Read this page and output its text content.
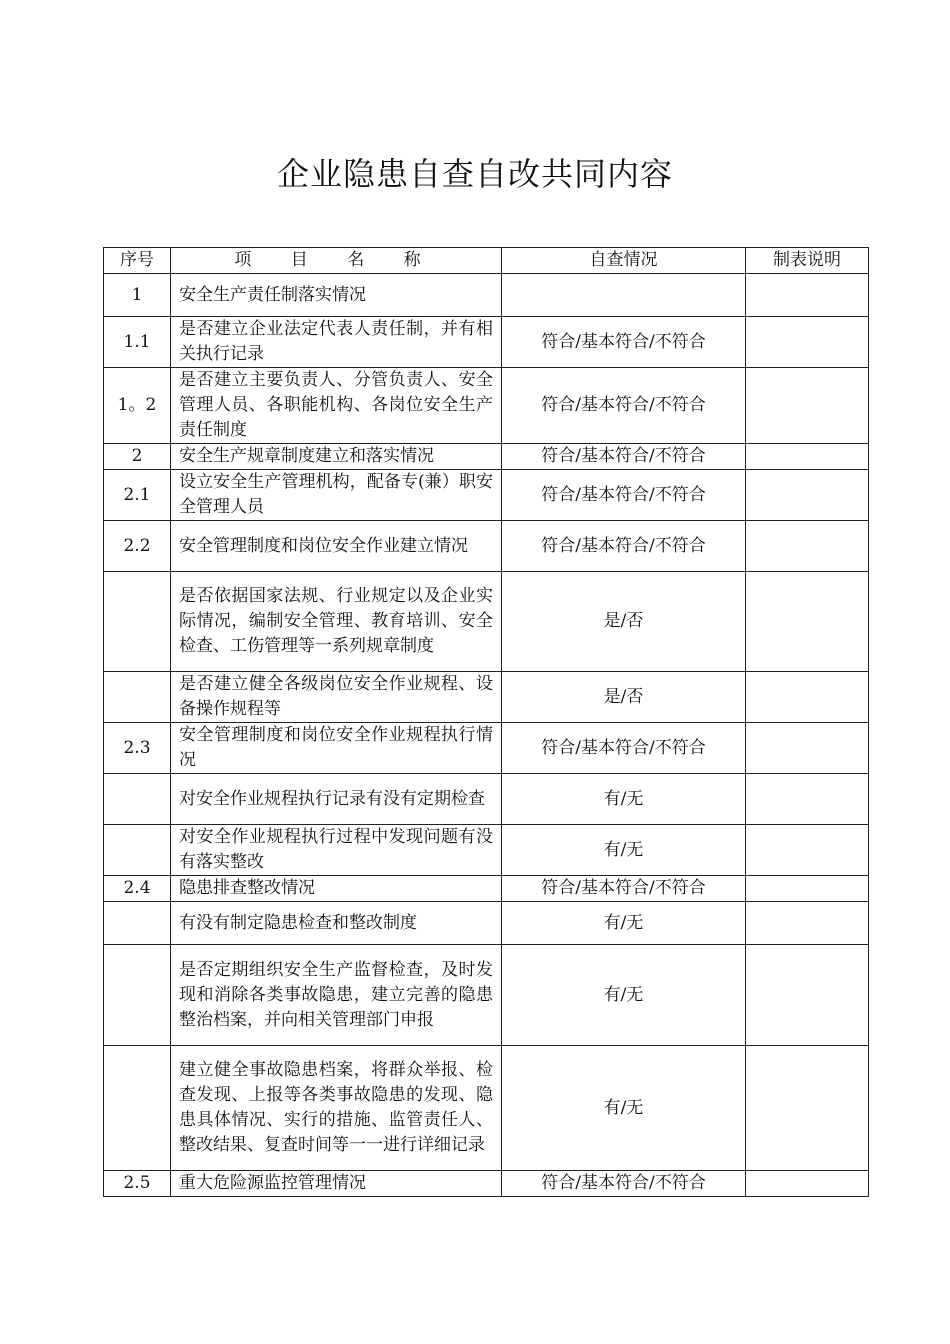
企业隐患自查自改共同内容
序号	项 目 名 称	自查情况	制表说明
1	安全生产责任制落实情况		
1.1	是否建立企业法定代表人责任制，并有相关执行记录	符合/基本符合/不符合	
1。2	是否建立主要负责人、分管负责人、安全管理人员、各职能机构、各岗位安全生产责任制度	符合/基本符合/不符合	
2	安全生产规章制度建立和落实情况	符合/基本符合/不符合	
2.1	设立安全生产管理机构，配备专(兼）职安全管理人员	符合/基本符合/不符合	
2.2	安全管理制度和岗位安全作业建立情况	符合/基本符合/不符合	
	是否依据国家法规、行业规定以及企业实际情况，编制安全管理、教育培训、安全检查、工伤管理等一系列规章制度	是/否	
	是否建立健全各级岗位安全作业规程、设备操作规程等	是/否	
2.3	安全管理制度和岗位安全作业规程执行情况	符合/基本符合/不符合	
	对安全作业规程执行记录有没有定期检查	有/无	
	对安全作业规程执行过程中发现问题有没有落实整改	有/无	
2.4	隐患排查整改情况	符合/基本符合/不符合	
	有没有制定隐患检查和整改制度	有/无	
	是否定期组织安全生产监督检查，及时发现和消除各类事故隐患，建立完善的隐患整治档案，并向相关管理部门申报	有/无	
	建立健全事故隐患档案，将群众举报、检查发现、上报等各类事故隐患的发现、隐患具体情况、实行的措施、监管责任人、整改结果、复查时间等一一进行详细记录	有/无	
2.5	重大危险源监控管理情况	符合/基本符合/不符合	
